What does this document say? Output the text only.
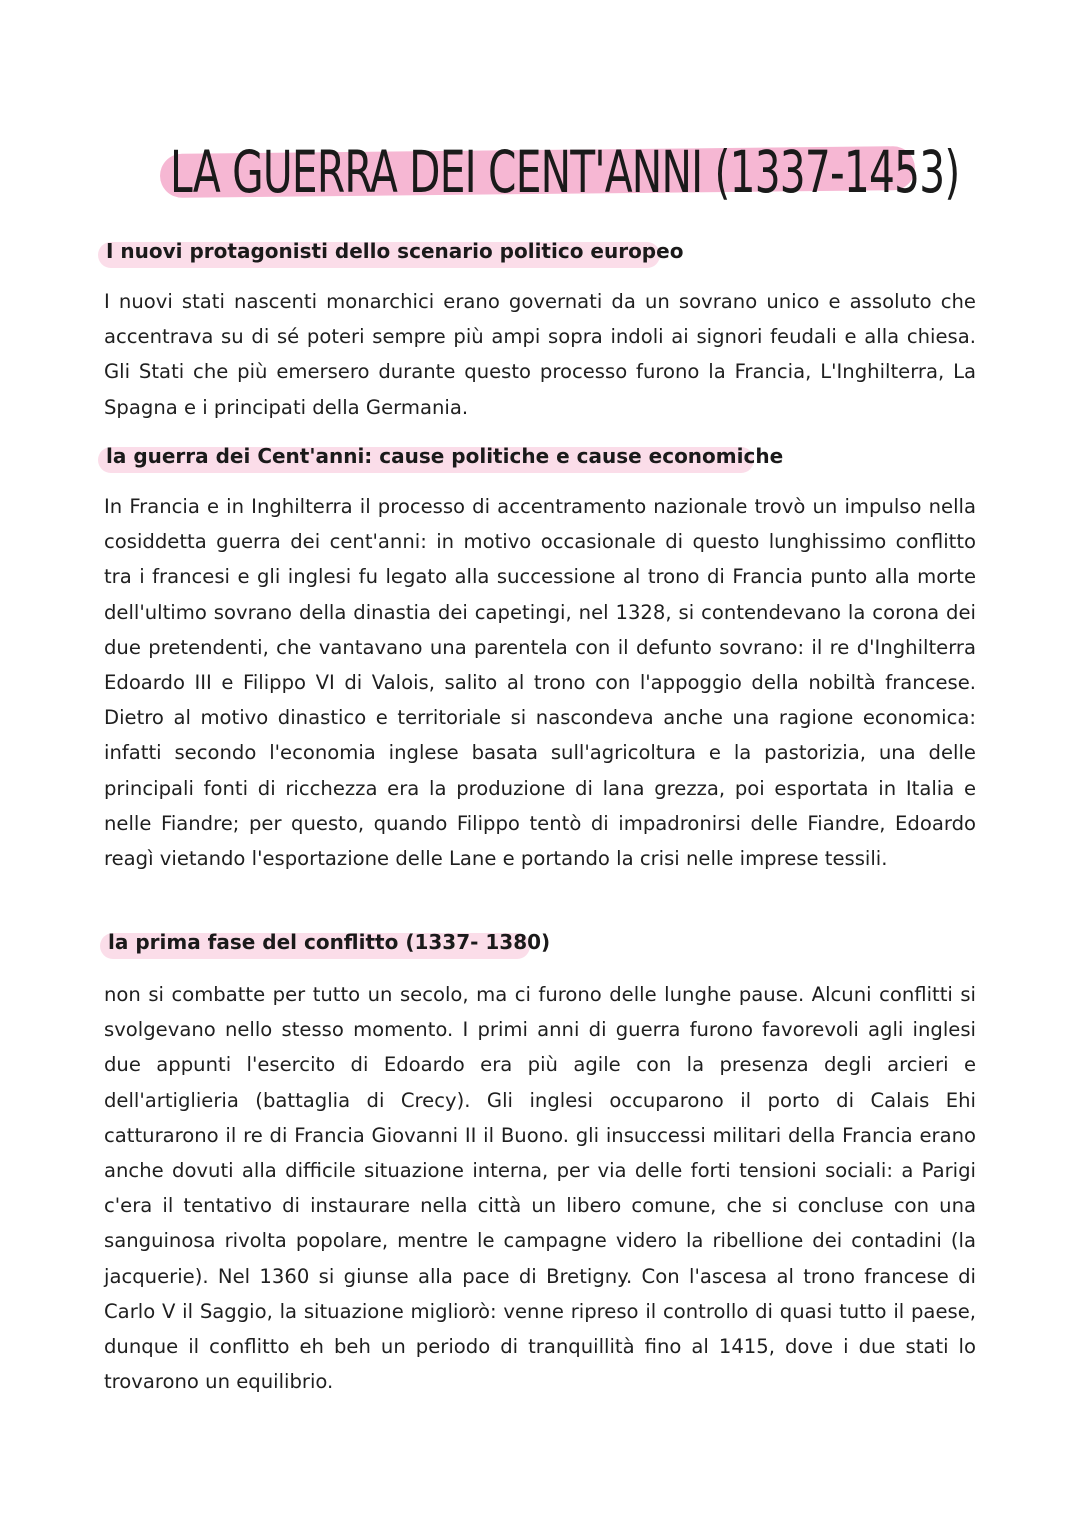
LA GUERRA DEI CENT'ANNI (1337-1453)
I nuovi protagonisti dello scenario politico europeo

I nuovi stati nascenti monarchici erano governati da un sovrano unico e assoluto che accentrava su di sé poteri sempre più ampi sopra indoli ai signori feudali e alla chiesa. Gli Stati che più emersero durante questo processo furono la Francia, L'Inghilterra, La Spagna e i principati della Germania.

la guerra dei Cent'anni: cause politiche e cause economiche

In Francia e in Inghilterra il processo di accentramento nazionale trovò un impulso nella cosiddetta guerra dei cent'anni: in motivo occasionale di questo lunghissimo conflitto tra i francesi e gli inglesi fu legato alla successione al trono di Francia punto alla morte dell'ultimo sovrano della dinastia dei capetingi, nel 1328, si contendevano la corona dei due pretendenti, che vantavano una parentela con il defunto sovrano: il re d'Inghilterra Edoardo III e Filippo VI di Valois, salito al trono con l'appoggio della nobiltà francese. Dietro al motivo dinastico e territoriale si nascondeva anche una ragione economica: infatti secondo l'economia inglese basata sull'agricoltura e la pastorizia, una delle principali fonti di ricchezza era la produzione di lana grezza, poi esportata in Italia e nelle Fiandre; per questo, quando Filippo tentò di impadronirsi delle Fiandre, Edoardo reagì vietando l'esportazione delle Lane e portando la crisi nelle imprese tessili.

la prima fase del conflitto (1337- 1380)

non si combatte per tutto un secolo, ma ci furono delle lunghe pause. Alcuni conflitti si svolgevano nello stesso momento. I primi anni di guerra furono favorevoli agli inglesi due appunti l'esercito di Edoardo era più agile con la presenza degli arcieri e dell'artiglieria (battaglia di Crecy). Gli inglesi occuparono il porto di Calais Ehi catturarono il re di Francia Giovanni II il Buono. gli insuccessi militari della Francia erano anche dovuti alla difficile situazione interna, per via delle forti tensioni sociali: a Parigi c'era il tentativo di instaurare nella città un libero comune, che si concluse con una sanguinosa rivolta popolare, mentre le campagne videro la ribellione dei contadini (la jacquerie). Nel 1360 si giunse alla pace di Bretigny. Con l'ascesa al trono francese di Carlo V il Saggio, la situazione migliorò: venne ripreso il controllo di quasi tutto il paese, dunque il conflitto eh beh un periodo di tranquillità fino al 1415, dove i due stati lo trovarono un equilibrio.
